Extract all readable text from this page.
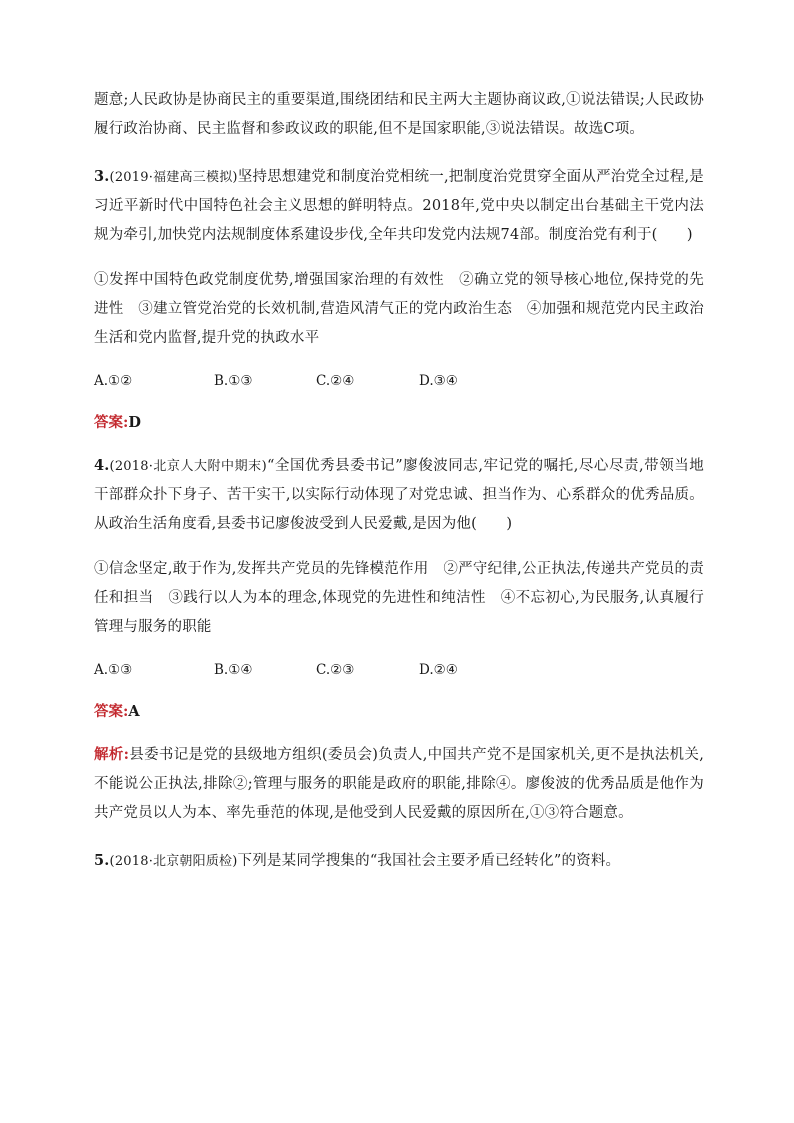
题意;人民政协是协商民主的重要渠道,围绕团结和民主两大主题协商议政,①说法错误;人民政协履行政治协商、民主监督和参政议政的职能,但不是国家职能,③说法错误。故选C项。

3.(2019·福建高三模拟)坚持思想建党和制度治党相统一,把制度治党贯穿全面从严治党全过程,是习近平新时代中国特色社会主义思想的鲜明特点。2018年,党中央以制定出台基础主干党内法规为牵引,加快党内法规制度体系建设步伐,全年共印发党内法规74部。制度治党有利于(　　)

①发挥中国特色政党制度优势,增强国家治理的有效性　②确立党的领导核心地位,保持党的先进性　③建立管党治党的长效机制,营造风清气正的党内政治生态　④加强和规范党内民主政治生活和党内监督,提升党的执政水平

A.①②	B.①③	C.②④	D.③④
答案:D

4.(2018·北京人大附中期末)“全国优秀县委书记”廖俊波同志,牢记党的嘱托,尽心尽责,带领当地干部群众扑下身子、苦干实干,以实际行动体现了对党忠诚、担当作为、心系群众的优秀品质。从政治生活角度看,县委书记廖俊波受到人民爱戴,是因为他(　　)

①信念坚定,敢于作为,发挥共产党员的先锋模范作用　②严守纪律,公正执法,传递共产党员的责任和担当　③践行以人为本的理念,体现党的先进性和纯洁性　④不忘初心,为民服务,认真履行管理与服务的职能

A.①③	B.①④	C.②③	D.②④
答案:A

解析:县委书记是党的县级地方组织(委员会)负责人,中国共产党不是国家机关,更不是执法机关,不能说公正执法,排除②;管理与服务的职能是政府的职能,排除④。廖俊波的优秀品质是他作为共产党员以人为本、率先垂范的体现,是他受到人民爱戴的原因所在,①③符合题意。

5.(2018·北京朝阳质检)下列是某同学搜集的“我国社会主要矛盾已经转化”的资料。
